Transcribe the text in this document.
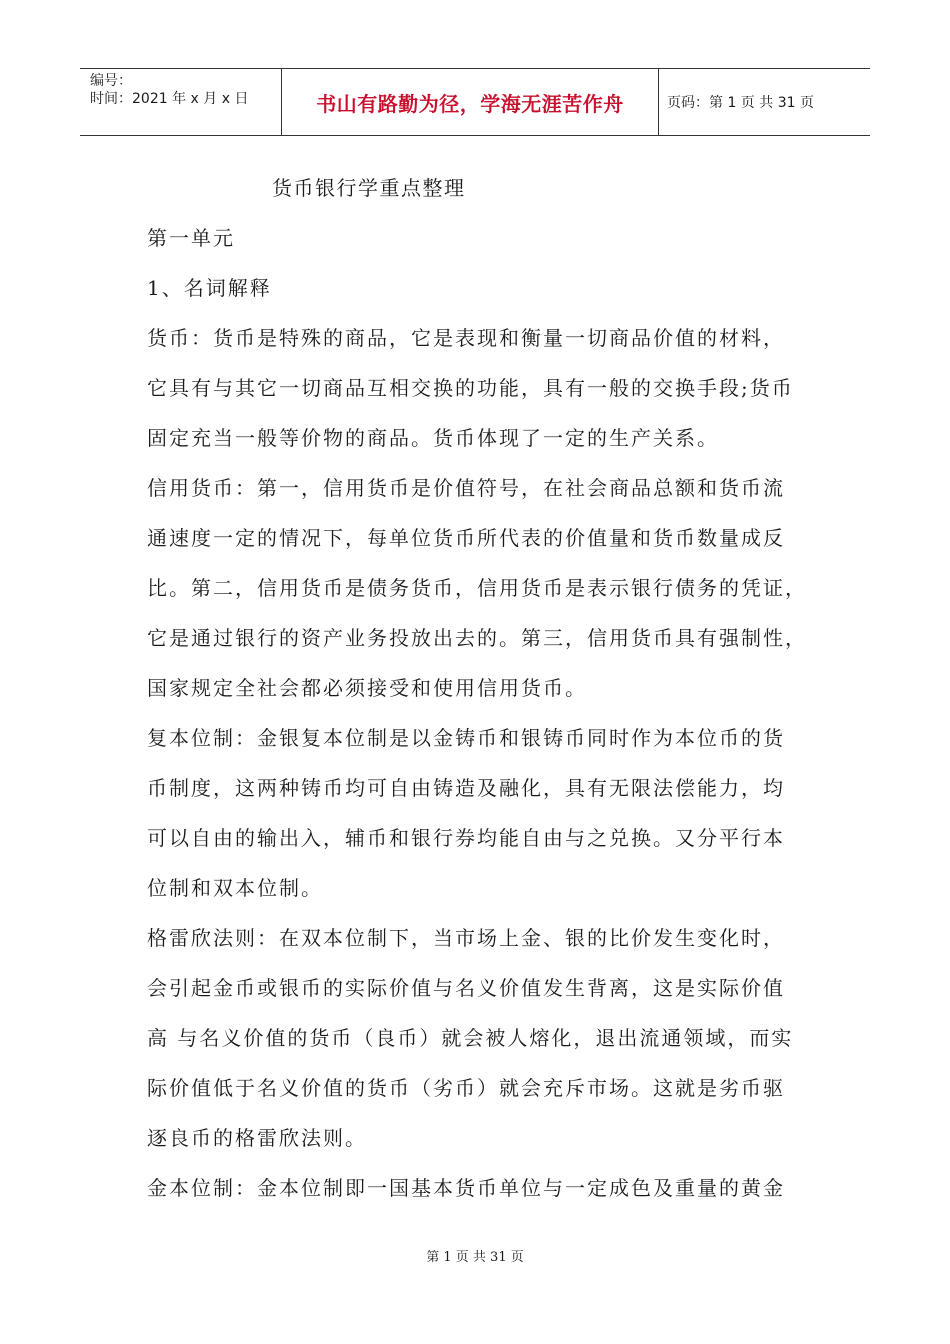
编号：
时间：2021 年 x 月 x 日	书山有路勤为径，学海无涯苦作舟	页码：第 1 页 共 31 页
货币银行学重点整理
第一单元
1、名词解释
货币：货币是特殊的商品，它是表现和衡量一切商品价值的材料，
它具有与其它一切商品互相交换的功能，具有一般的交换手段;货币
固定充当一般等价物的商品。货币体现了一定的生产关系。
信用货币：第一，信用货币是价值符号，在社会商品总额和货币流
通速度一定的情况下，每单位货币所代表的价值量和货币数量成反
比。第二，信用货币是债务货币，信用货币是表示银行债务的凭证，
它是通过银行的资产业务投放出去的。第三，信用货币具有强制性，
国家规定全社会都必须接受和使用信用货币。
复本位制：金银复本位制是以金铸币和银铸币同时作为本位币的货
币制度，这两种铸币均可自由铸造及融化，具有无限法偿能力，均
可以自由的输出入，辅币和银行券均能自由与之兑换。又分平行本
位制和双本位制。
格雷欣法则：在双本位制下，当市场上金、银的比价发生变化时，
会引起金币或银币的实际价值与名义价值发生背离，这是实际价值
高 与名义价值的货币（良币）就会被人熔化，退出流通领域，而实
际价值低于名义价值的货币（劣币）就会充斥市场。这就是劣币驱
逐良币的格雷欣法则。
金本位制：金本位制即一国基本货币单位与一定成色及重量的黄金
第 1 页 共 31 页
